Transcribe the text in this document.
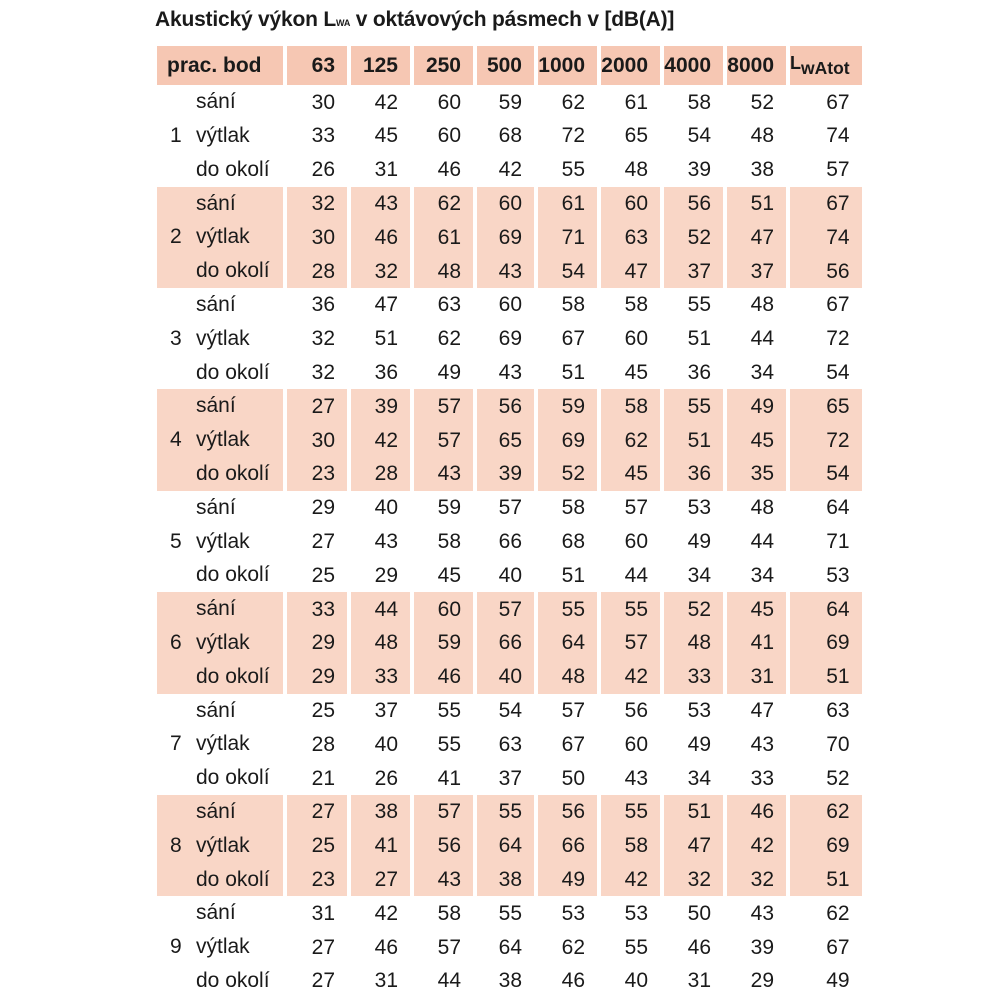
Akustický výkon LWA v oktávových pásmech v [dB(A)]
prac. bod	63	125	250	500	1000	2000	4000	8000	$L_{wAtot}$

sání	30	42	60	59	62	61	58	52	67

1 výtlak	33	45	60	68	72	65	54	48	74

do okolí	26	31	46	42	55	48	39	38	57

sání	32	43	62	60	61	60	56	51	67

2 výtlak	30	46	61	69	71	63	52	47	74

do okolí	28	32	48	43	54	47	37	37	56

sání	36	47	63	60	58	58	55	48	67

3 výtlak	32	51	62	69	67	60	51	44	72

do okolí	32	36	49	43	51	45	36	34	54

sání	27	39	57	56	59	58	55	49	65

4 výtlak	30	42	57	65	69	62	51	45	72

do okolí	23	28	43	39	52	45	36	35	54

sání	29	40	59	57	58	57	53	48	64

5 výtlak	27	43	58	66	68	60	49	44	71

do okolí	25	29	45	40	51	44	34	34	53

sání	33	44	60	57	55	55	52	45	64

6 výtlak	29	48	59	66	64	57	48	41	69

do okolí	29	33	46	40	48	42	33	31	51

sání	25	37	55	54	57	56	53	47	63

7 výtlak	28	40	55	63	67	60	49	43	70

do okolí	21	26	41	37	50	43	34	33	52

sání	27	38	57	55	56	55	51	46	62

8 výtlak	25	41	56	64	66	58	47	42	69

do okolí	23	27	43	38	49	42	32	32	51

sání	31	42	58	55	53	53	50	43	62

9 výtlak	27	46	57	64	62	55	46	39	67

do okolí	27	31	44	38	46	40	31	29	49
